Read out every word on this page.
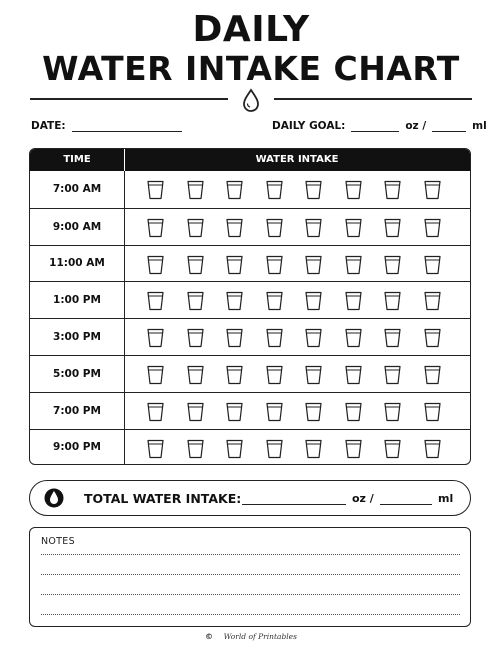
DAILY
WATER INTAKE CHART
DATE:	DAILY GOAL:	oz /	ml
TIME	WATER INTAKE
7:00 AM
9:00 AM
11:00 AM
1:00 PM
3:00 PM
5:00 PM
7:00 PM
9:00 PM
TOTAL WATER INTAKE:	oz /	ml
NOTES
© World of Printables
